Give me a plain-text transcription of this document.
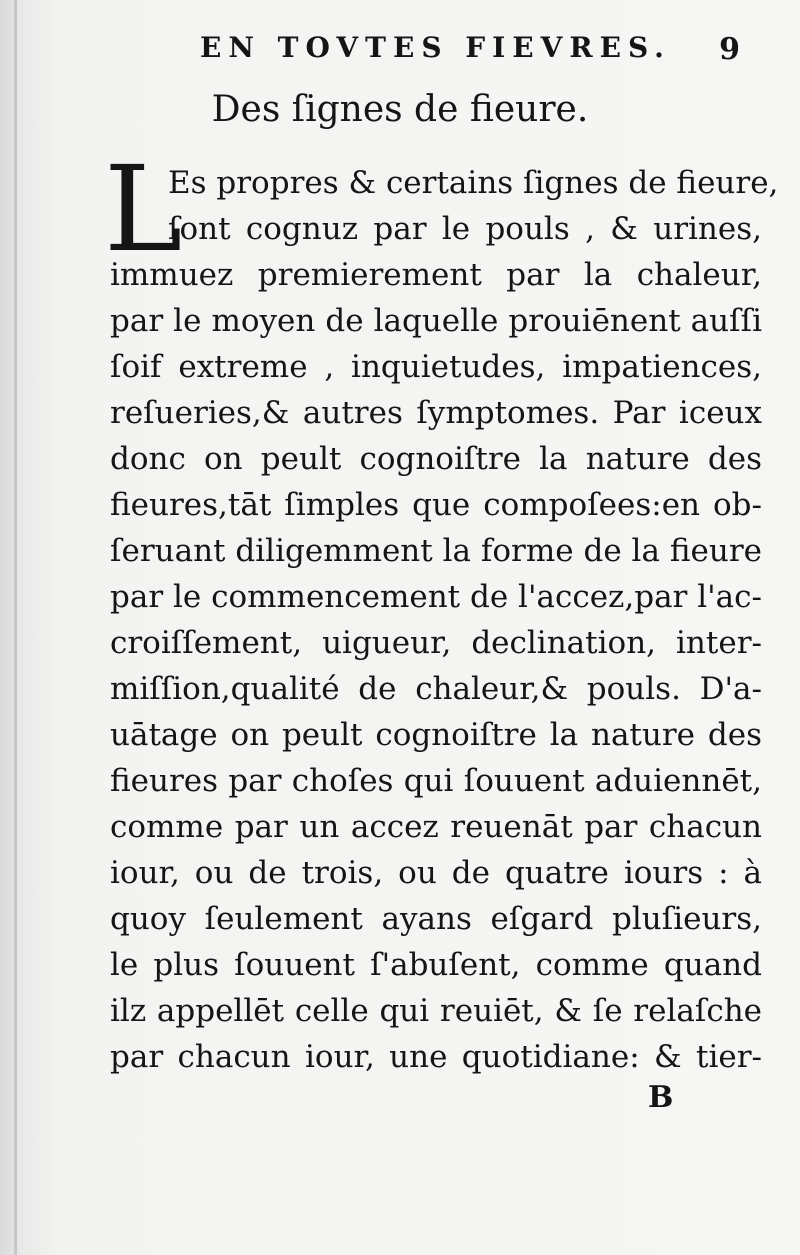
EN TOVTES FIEVRES. 9
Des ſignes de fieure.
L
Es propres & certains ſignes de fieure,
ſont cognuz par le pouls , & urines,
immuez premierement par la chaleur,
par le moyen de laquelle prouiēnent auſſi
ſoif extreme , inquietudes, impatiences,
reſueries,& autres ſymptomes. Par iceux
donc on peult cognoiſtre la nature des
fieures,tāt ſimples que compoſees:en ob-
ſeruant diligemment la forme de la fieure
par le commencement de l'accez,par l'ac-
croiſſement, uigueur, declination, inter-
miſſion,qualité de chaleur,& pouls. D'a-
uātage on peult cognoiſtre la nature des
fieures par choſes qui ſouuent aduiennēt,
comme par un accez reuenāt par chacun
iour, ou de trois, ou de quatre iours : à
quoy ſeulement ayans eſgard pluſieurs,
le plus ſouuent ſ'abuſent, comme quand
ilz appellēt celle qui reuiēt, & ſe relaſche
par chacun iour, une quotidiane: & tier-
B
